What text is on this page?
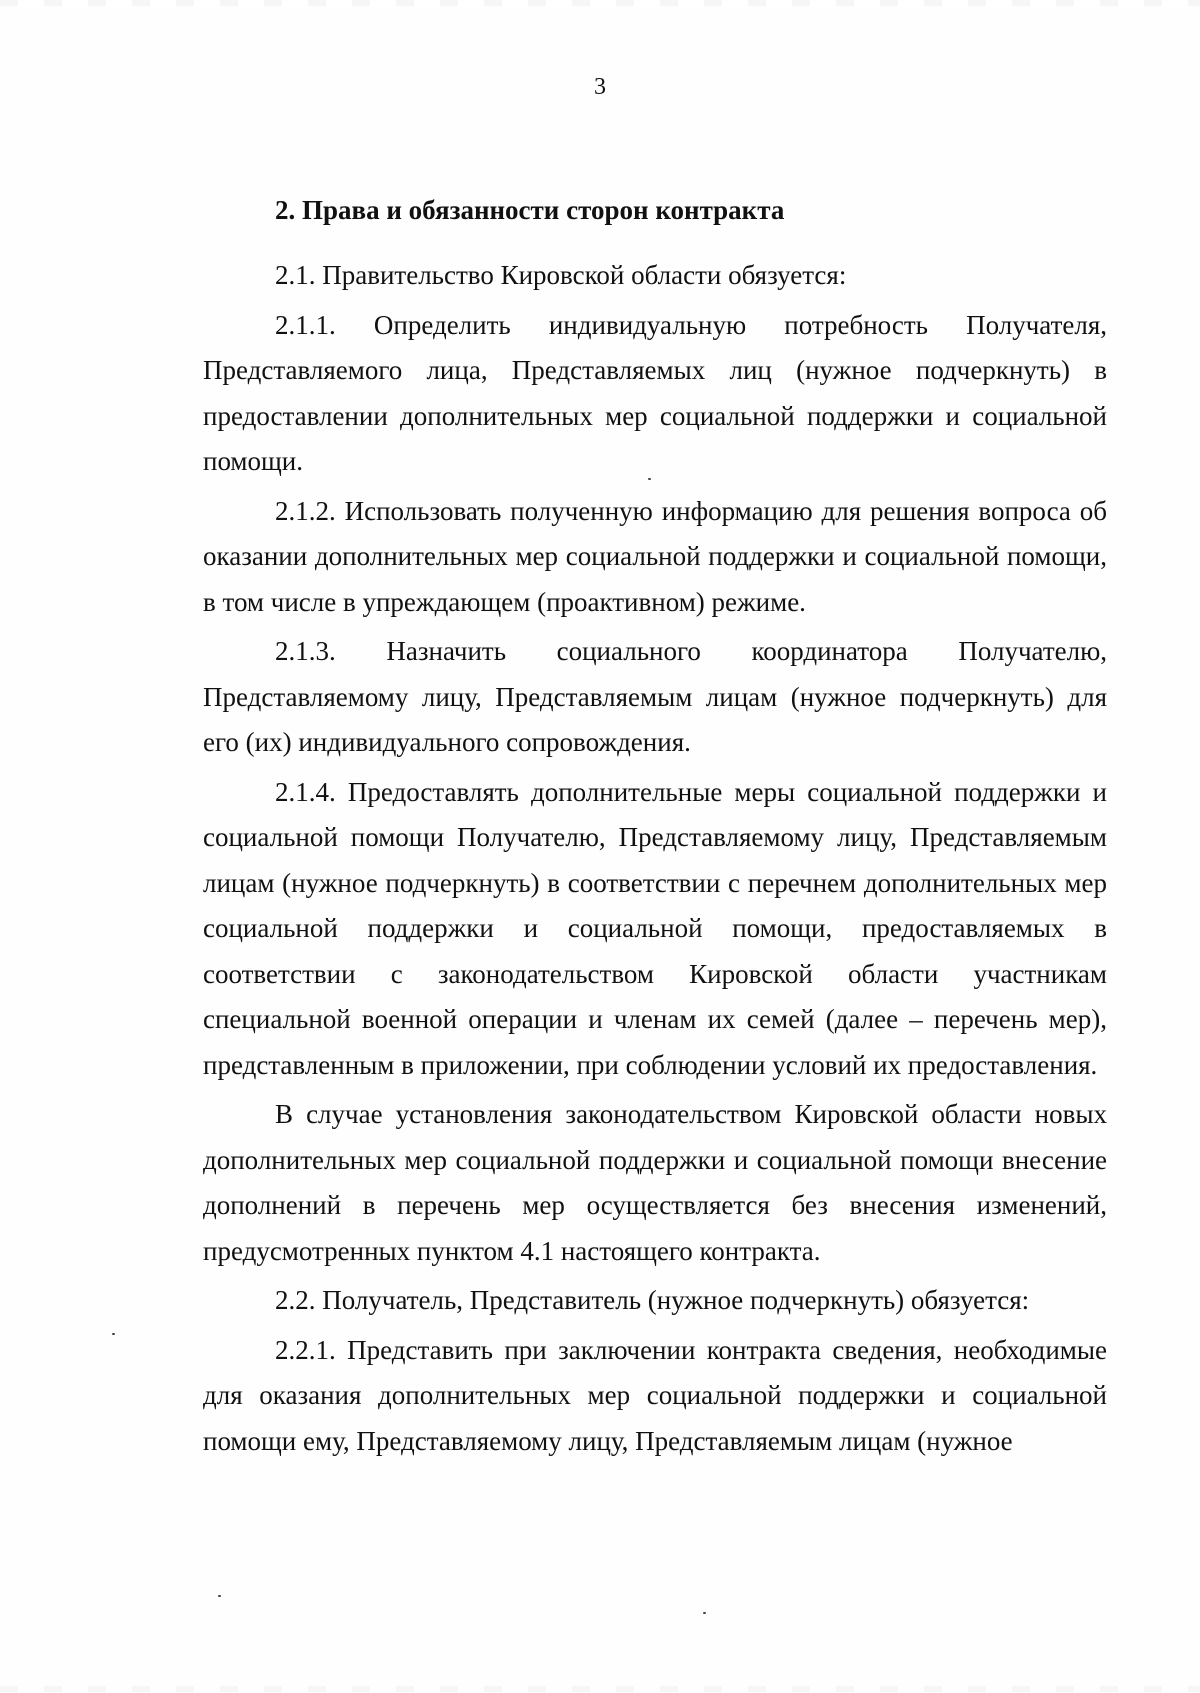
3
2. Права и обязанности сторон контракта

2.1. Правительство Кировской области обязуется:

2.1.1. Определить индивидуальную потребность Получателя, Представляемого лица, Представляемых лиц (нужное подчеркнуть) в предоставлении дополнительных мер социальной поддержки и социальной помощи.

2.1.2. Использовать полученную информацию для решения вопроса об оказании дополнительных мер социальной поддержки и социальной помощи, в том числе в упреждающем (проактивном) режиме.

2.1.3. Назначить социального координатора Получателю, Представляемому лицу, Представляемым лицам (нужное подчеркнуть) для его (их) индивидуального сопровождения.

2.1.4. Предоставлять дополнительные меры социальной поддержки и социальной помощи Получателю, Представляемому лицу, Представляемым лицам (нужное подчеркнуть) в соответствии с перечнем дополнительных мер социальной поддержки и социальной помощи, предоставляемых в соответствии с законодательством Кировской области участникам специальной военной операции и членам их семей (далее – перечень мер), представленным в приложении, при соблюдении условий их предоставления.

В случае установления законодательством Кировской области новых дополнительных мер социальной поддержки и социальной помощи внесение дополнений в перечень мер осуществляется без внесения изменений, предусмотренных пунктом 4.1 настоящего контракта.

2.2. Получатель, Представитель (нужное подчеркнуть) обязуется:

2.2.1. Представить при заключении контракта сведения, необходимые для оказания дополнительных мер социальной поддержки и социальной помощи ему, Представляемому лицу, Представляемым лицам (нужное
